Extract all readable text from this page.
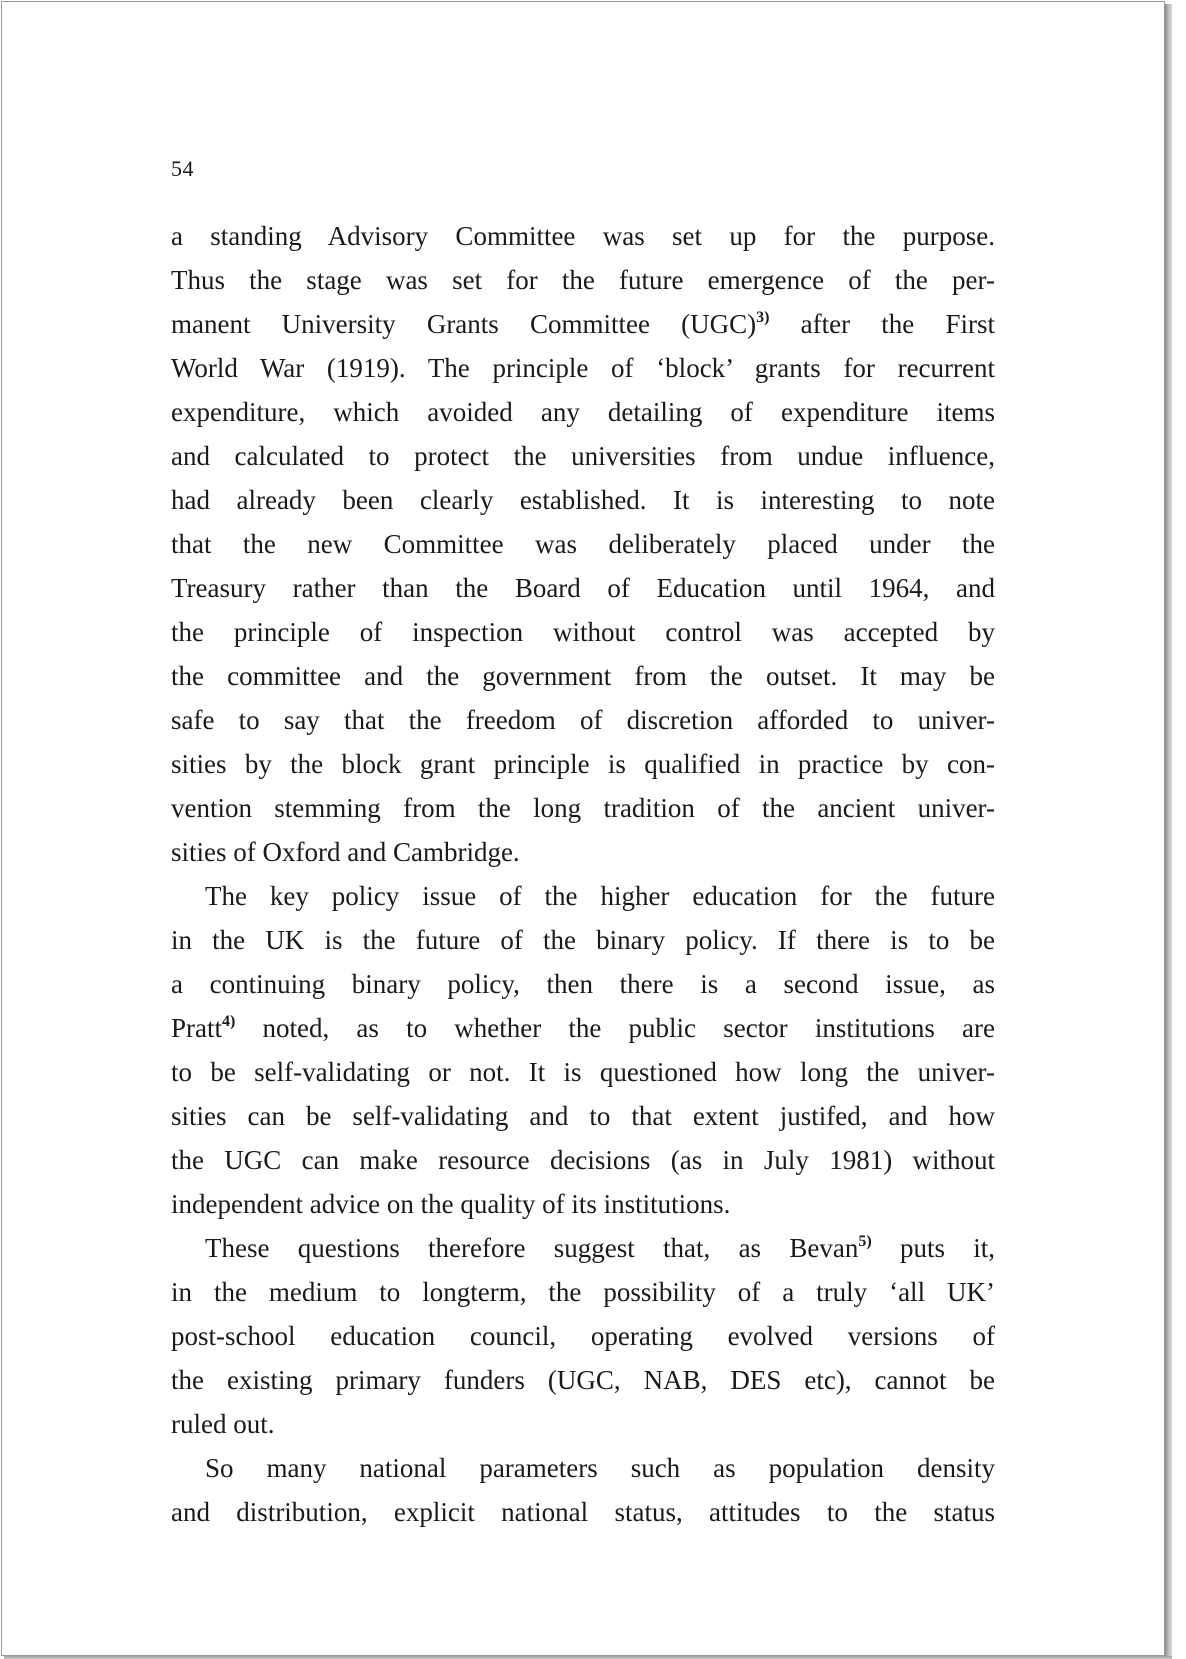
54
a standing Advisory Committee was set up for the purpose.
Thus the stage was set for the future emergence of the per-
manent University Grants Committee (UGC)$^{3)}$ after the First
World War (1919). The principle of ‘block’ grants for recurrent
expenditure, which avoided any detailing of expenditure items
and calculated to protect the universities from undue influence,
had already been clearly established. It is interesting to note
that the new Committee was deliberately placed under the
Treasury rather than the Board of Education until 1964, and
the principle of inspection without control was accepted by
the committee and the government from the outset. It may be
safe to say that the freedom of discretion afforded to univer-
sities by the block grant principle is qualified in practice by con-
vention stemming from the long tradition of the ancient univer-
sities of Oxford and Cambridge.
The key policy issue of the higher education for the future
in the UK is the future of the binary policy. If there is to be
a continuing binary policy, then there is a second issue, as
Pratt$^{4)}$ noted, as to whether the public sector institutions are
to be self-validating or not. It is questioned how long the univer-
sities can be self-validating and to that extent justifed, and how
the UGC can make resource decisions (as in July 1981) without
independent advice on the quality of its institutions.
These questions therefore suggest that, as Bevan$^{5)}$ puts it,
in the medium to longterm, the possibility of a truly ‘all UK’
post-school education council, operating evolved versions of
the existing primary funders (UGC, NAB, DES etc), cannot be
ruled out.
So many national parameters such as population density
and distribution, explicit national status, attitudes to the status
